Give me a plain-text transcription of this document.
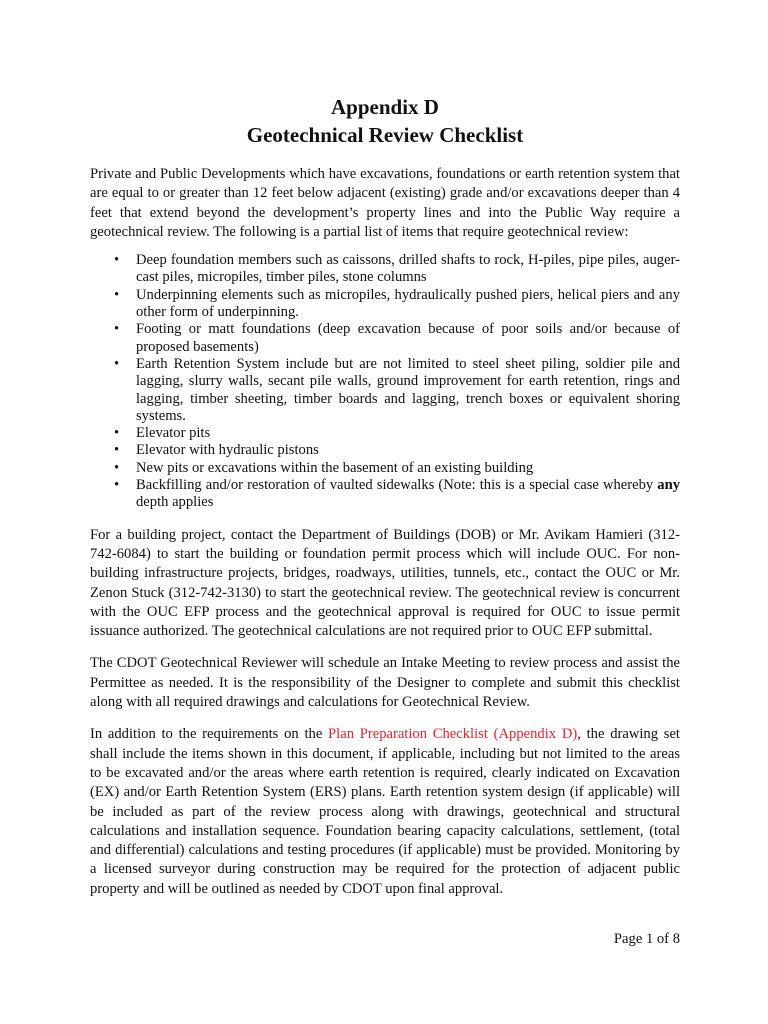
Appendix D
Geotechnical Review Checklist

Private and Public Developments which have excavations, foundations or earth retention system that are equal to or greater than 12 feet below adjacent (existing) grade and/or excavations deeper than 4 feet that extend beyond the development’s property lines and into the Public Way require a geotechnical review. The following is a partial list of items that require geotechnical review:

• Deep foundation members such as caissons, drilled shafts to rock, H-piles, pipe piles, auger-cast piles, micropiles, timber piles, stone columns
• Underpinning elements such as micropiles, hydraulically pushed piers, helical piers and any other form of underpinning.
• Footing or matt foundations (deep excavation because of poor soils and/or because of proposed basements)
• Earth Retention System include but are not limited to steel sheet piling, soldier pile and lagging, slurry walls, secant pile walls, ground improvement for earth retention, rings and lagging, timber sheeting, timber boards and lagging, trench boxes or equivalent shoring systems.
• Elevator pits
• Elevator with hydraulic pistons
• New pits or excavations within the basement of an existing building
• Backfilling and/or restoration of vaulted sidewalks (Note: this is a special case whereby any depth applies

For a building project, contact the Department of Buildings (DOB) or Mr. Avikam Hamieri (312-742-6084) to start the building or foundation permit process which will include OUC. For non-building infrastructure projects, bridges, roadways, utilities, tunnels, etc., contact the OUC or Mr. Zenon Stuck (312-742-3130) to start the geotechnical review. The geotechnical review is concurrent with the OUC EFP process and the geotechnical approval is required for OUC to issue permit issuance authorized. The geotechnical calculations are not required prior to OUC EFP submittal.

The CDOT Geotechnical Reviewer will schedule an Intake Meeting to review process and assist the Permittee as needed. It is the responsibility of the Designer to complete and submit this checklist along with all required drawings and calculations for Geotechnical Review.

In addition to the requirements on the Plan Preparation Checklist (Appendix D), the drawing set shall include the items shown in this document, if applicable, including but not limited to the areas to be excavated and/or the areas where earth retention is required, clearly indicated on Excavation (EX) and/or Earth Retention System (ERS) plans. Earth retention system design (if applicable) will be included as part of the review process along with drawings, geotechnical and structural calculations and installation sequence. Foundation bearing capacity calculations, settlement, (total and differential) calculations and testing procedures (if applicable) must be provided. Monitoring by a licensed surveyor during construction may be required for the protection of adjacent public property and will be outlined as needed by CDOT upon final approval.

Page 1 of 8
